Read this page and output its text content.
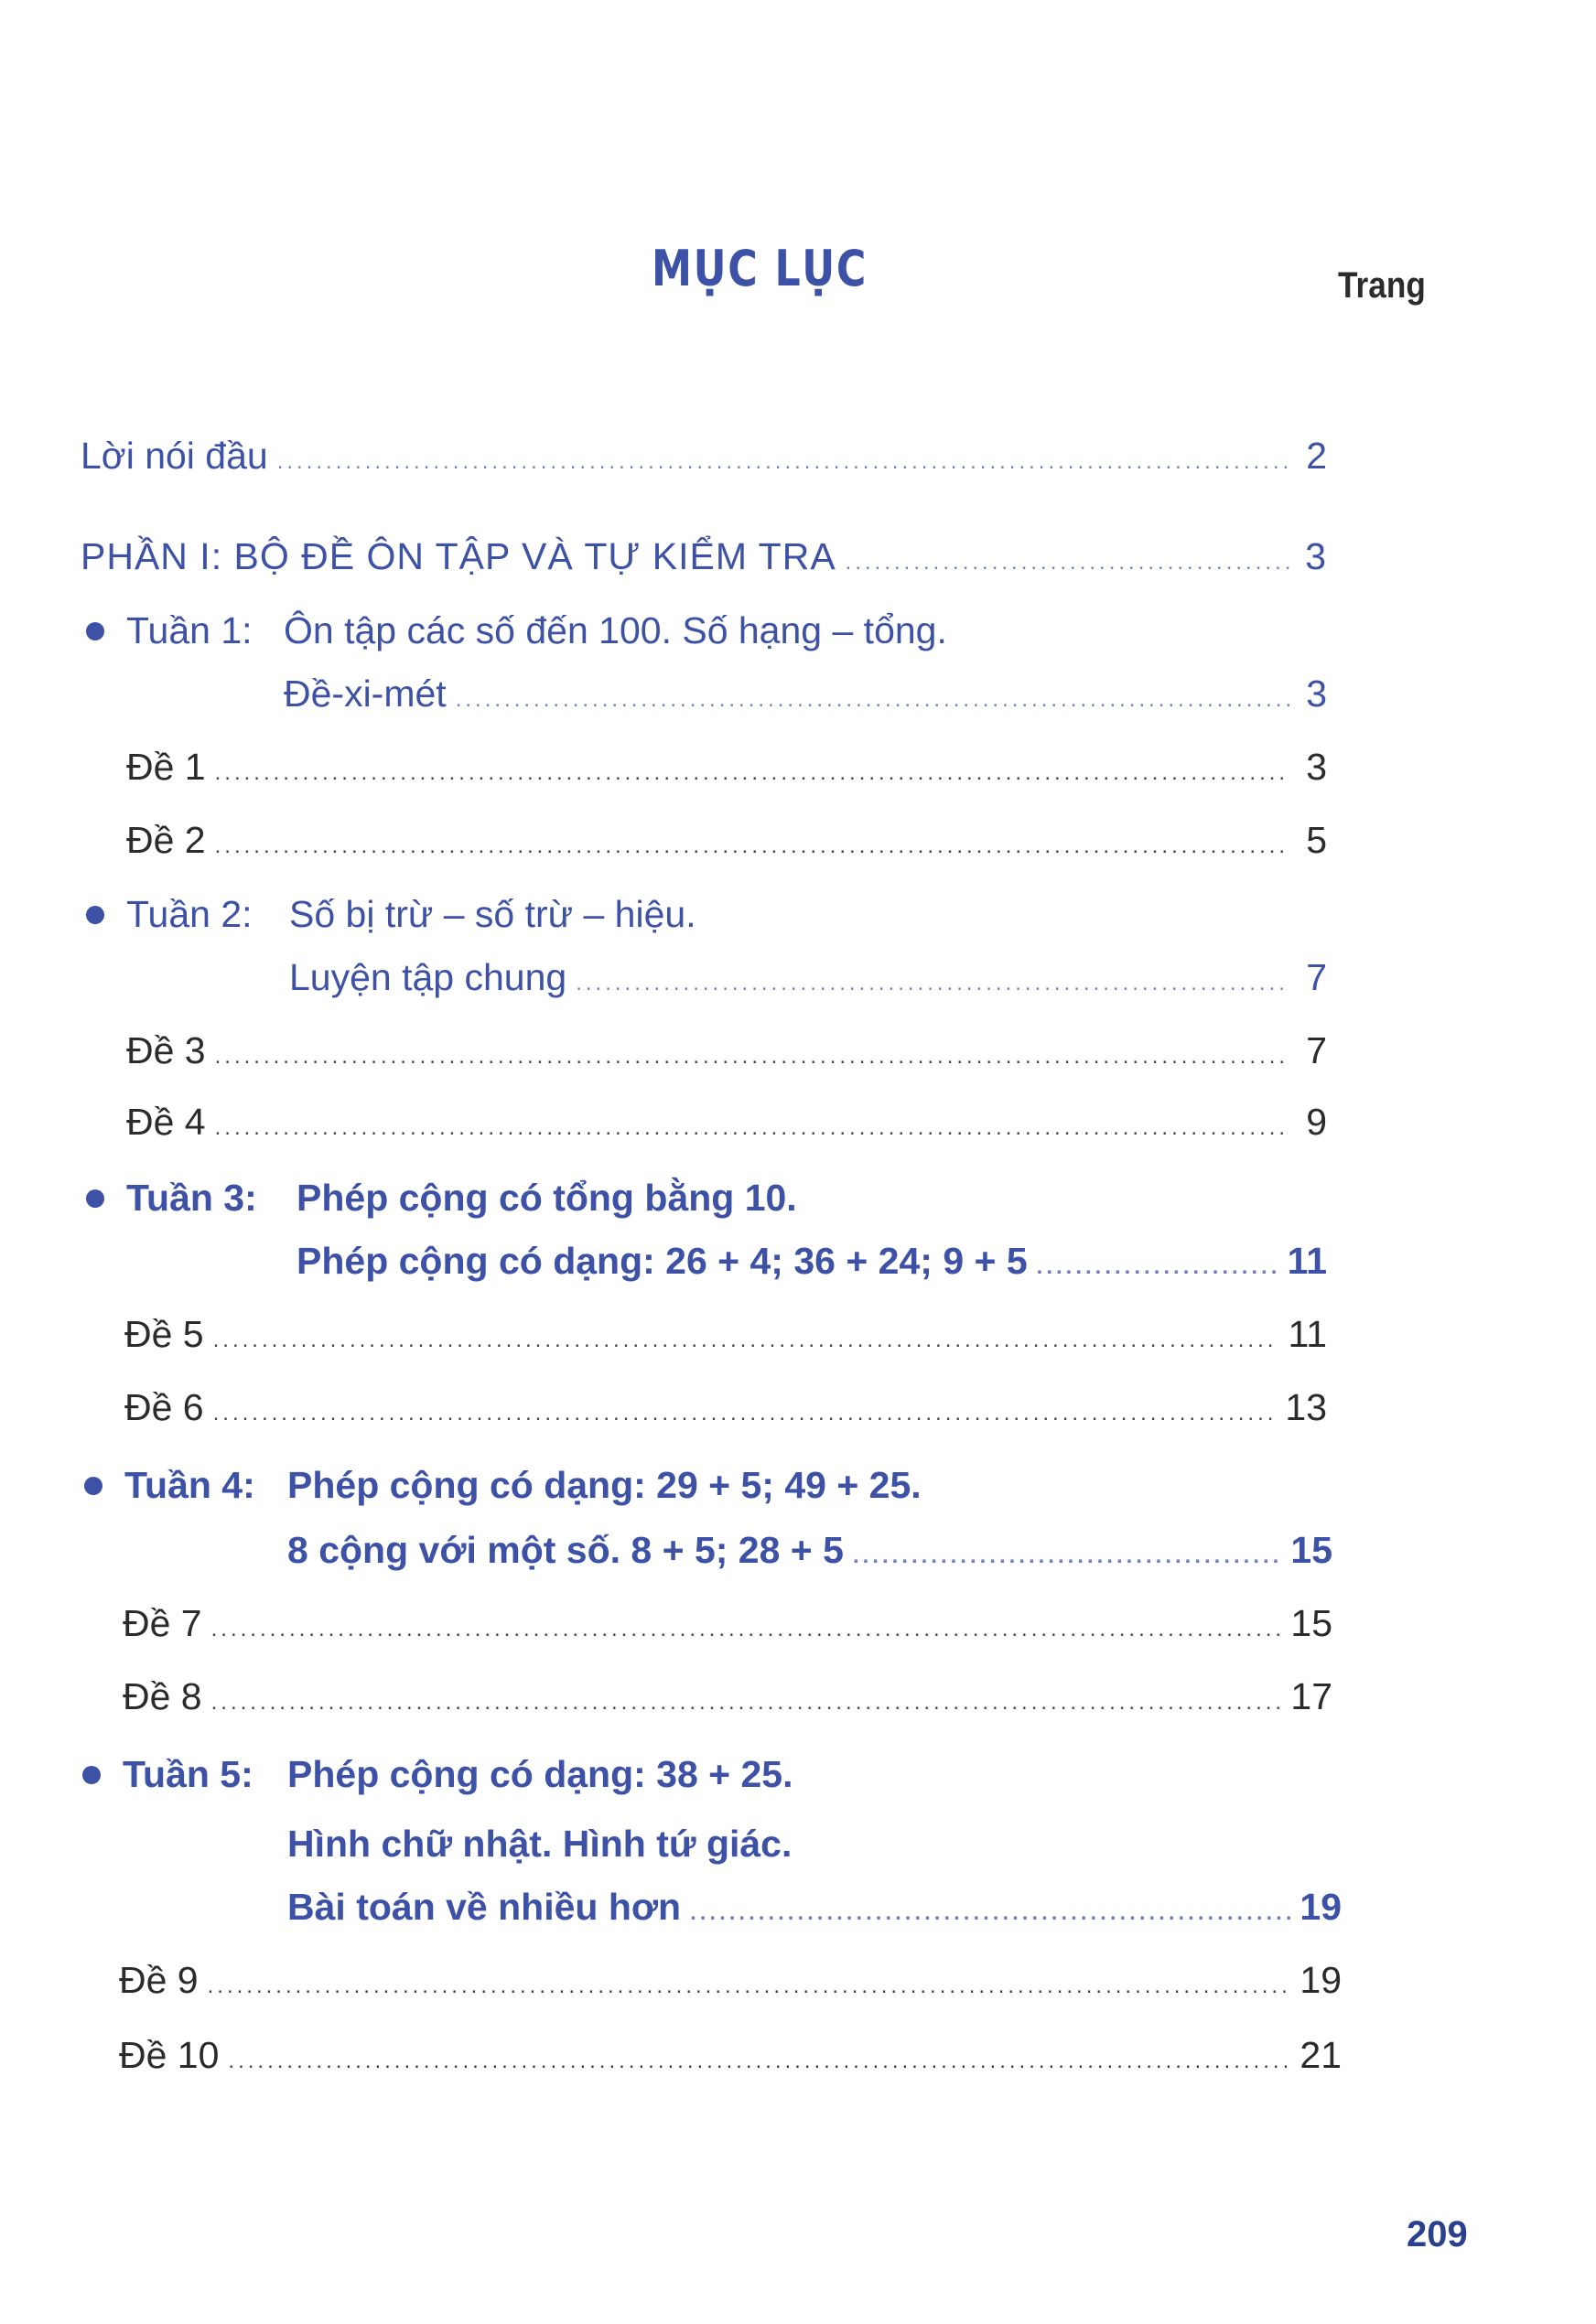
MỤC LỤC	Trang
Lời nói đầu .....	2
PHẦN I: BỘ ĐỀ ÔN TẬP VÀ TỰ KIỂM TRA .....	3
Tuần 1: Ôn tập các số đến 100. Số hạng – tổng.
Đề-xi-mét .....	3
Đề 1 .....	3
Đề 2 .....	5
Tuần 2: Số bị trừ – số trừ – hiệu.
Luyện tập chung .....	7
Đề 3 .....	7
Đề 4 .....	9
Tuần 3:	Phép cộng có tổng bằng 10.
Phép cộng có dạng: 26 + 4; 36 + 24; 9 + 5 .....	11
Đề 5 .....	11
Đề 6 .....	13
Tuần 4: Phép cộng có dạng: 29 + 5; 49 + 25.
8 cộng với một số. 8 + 5; 28 + 5 .....	15
Đề 7 .....	15
Đề 8 .....	17
Tuần 5: Phép cộng có dạng: 38 + 25.
Hình chữ nhật. Hình tứ giác.
Bài toán về nhiều hơn .....	19
Đề 9 .....	19
Đề 10 .....	21
209
